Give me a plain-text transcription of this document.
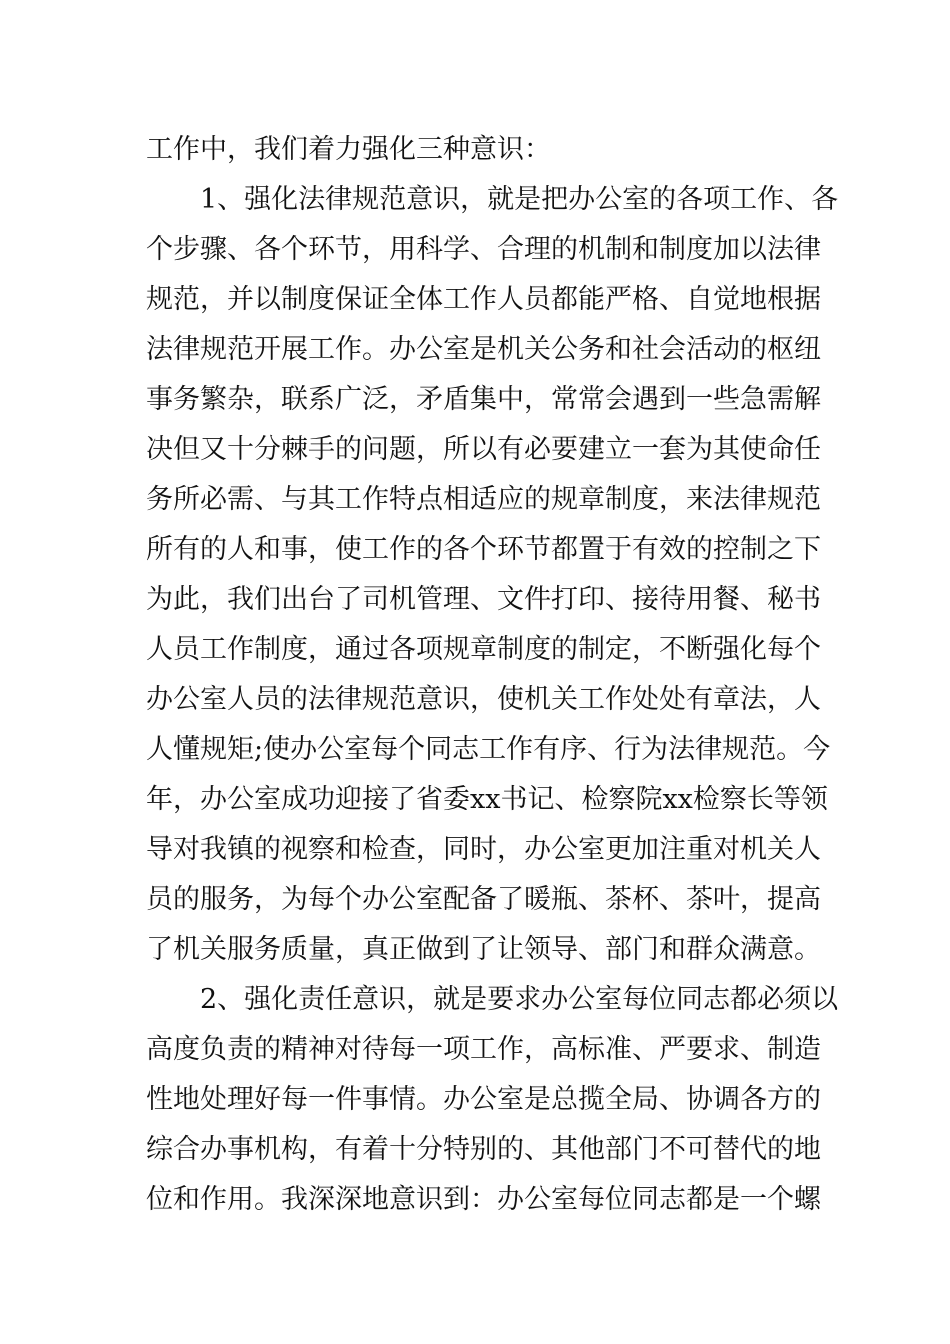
工作中，我们着力强化三种意识：

1、强化法律规范意识，就是把办公室的各项工作、各

个步骤、各个环节，用科学、合理的机制和制度加以法律

规范，并以制度保证全体工作人员都能严格、自觉地根据

法律规范开展工作。办公室是机关公务和社会活动的枢纽

事务繁杂，联系广泛，矛盾集中，常常会遇到一些急需解

决但又十分棘手的问题，所以有必要建立一套为其使命任

务所必需、与其工作特点相适应的规章制度，来法律规范

所有的人和事，使工作的各个环节都置于有效的控制之下

为此，我们出台了司机管理、文件打印、接待用餐、秘书

人员工作制度，通过各项规章制度的制定，不断强化每个

办公室人员的法律规范意识，使机关工作处处有章法，人

人懂规矩;使办公室每个同志工作有序、行为法律规范。今

年，办公室成功迎接了省委xx书记、检察院xx检察长等领

导对我镇的视察和检查，同时，办公室更加注重对机关人

员的服务，为每个办公室配备了暖瓶、茶杯、茶叶，提高

了机关服务质量，真正做到了让领导、部门和群众满意。

2、强化责任意识，就是要求办公室每位同志都必须以

高度负责的精神对待每一项工作，高标准、严要求、制造

性地处理好每一件事情。办公室是总揽全局、协调各方的

综合办事机构，有着十分特别的、其他部门不可替代的地

位和作用。我深深地意识到：办公室每位同志都是一个螺
